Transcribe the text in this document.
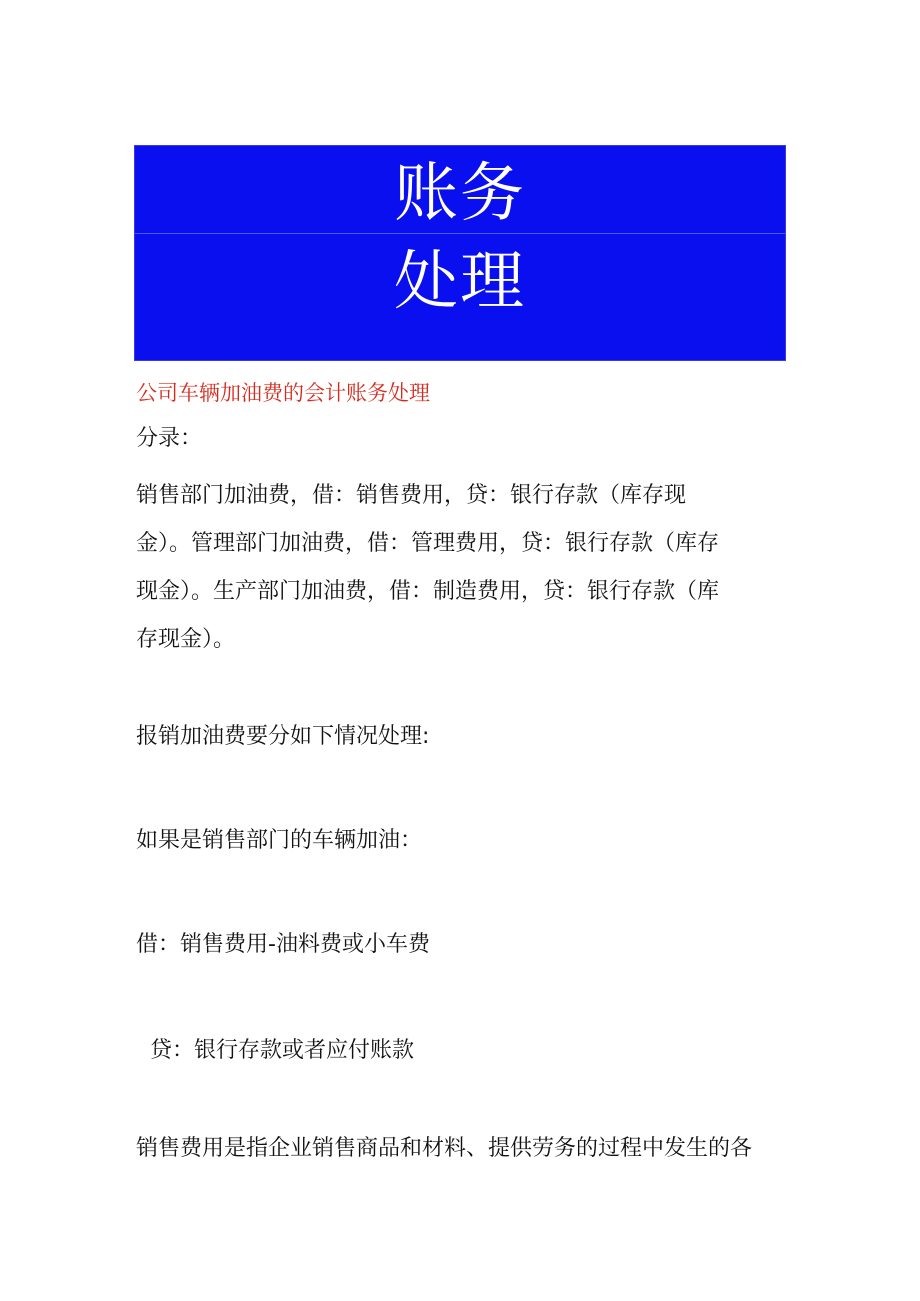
账务
处理
公司车辆加油费的会计账务处理
分录：
销售部门加油费，借：销售费用，贷：银行存款（库存现
金）。管理部门加油费，借：管理费用，贷：银行存款（库存
现金）。生产部门加油费，借：制造费用，贷：银行存款（库
存现金）。
报销加油费要分如下情况处理:
如果是销售部门的车辆加油：
借：销售费用-油料费或小车费
贷：银行存款或者应付账款
销售费用是指企业销售商品和材料、提供劳务的过程中发生的各
